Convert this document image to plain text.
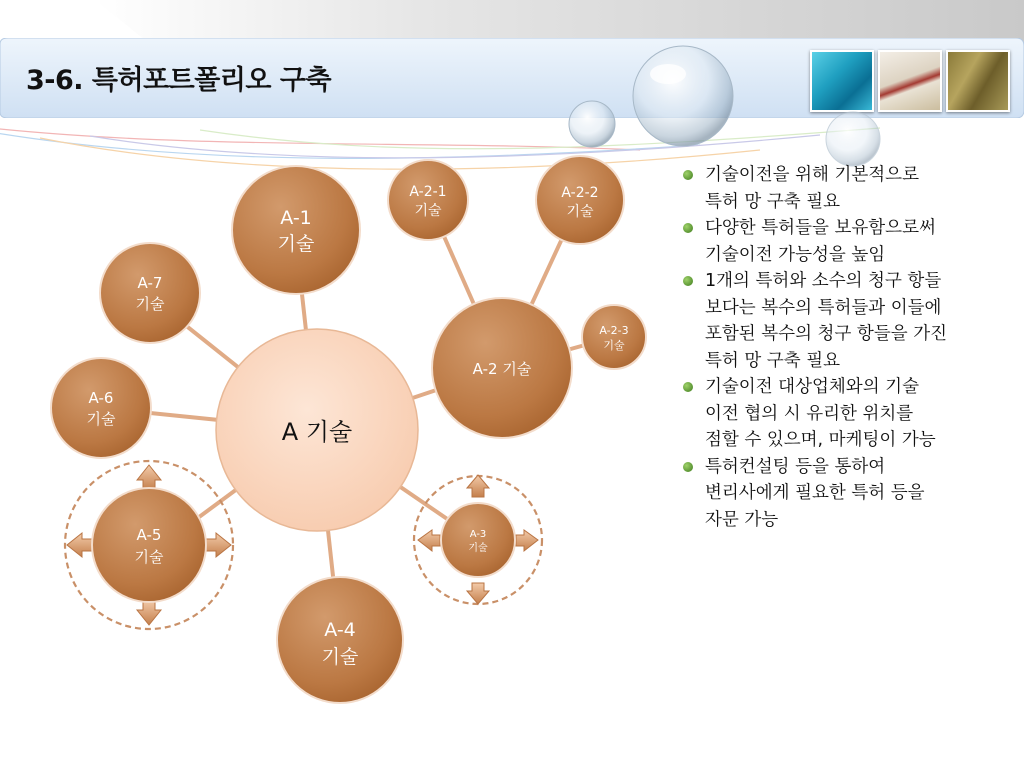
3-6. 특허포트폴리오 구축
A-1
기술
A-7
기술
A-6
기술
A-5
기술
A-4
기술
A-3
기술
A-2 기술
A-2-1
기술
A-2-2
기술
A-2-3
기술
A 기술
기술이전을 위해 기본적으로
특허 망 구축 필요
다양한 특허들을 보유함으로써
기술이전 가능성을 높임
1개의 특허와 소수의 청구 항들
보다는 복수의 특허들과 이들에
포함된 복수의 청구 항들을 가진
특허 망 구축 필요
기술이전 대상업체와의 기술
이전 협의 시 유리한 위치를
점할 수 있으며, 마케팅이 가능
특허컨설팅 등을 통하여
변리사에게 필요한 특허 등을
자문 가능
